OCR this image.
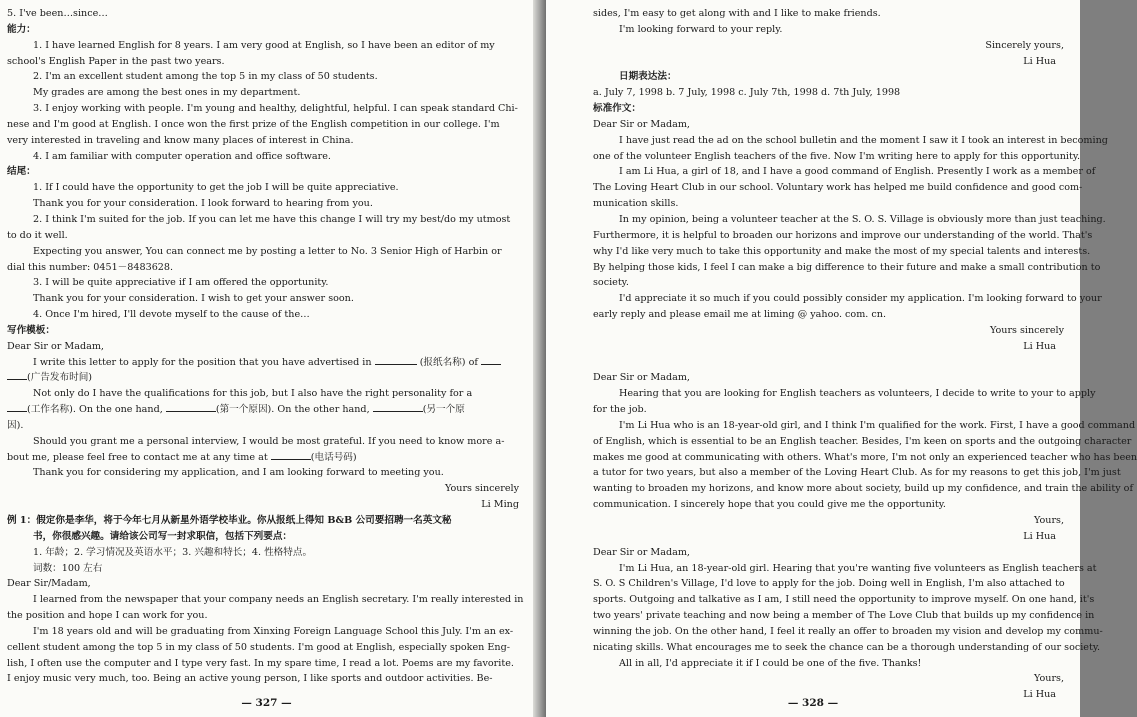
5. I've been…since…
能力：
1. I have learned English for 8 years. I am very good at English, so I have been an editor of my
school's English Paper in the past two years.
2. I'm an excellent student among the top 5 in my class of 50 students.
My grades are among the best ones in my department.
3. I enjoy working with people. I'm young and healthy, delightful, helpful. I can speak standard Chi-
nese and I'm good at English. I once won the first prize of the English competition in our college. I'm
very interested in traveling and know many places of interest in China.
4. I am familiar with computer operation and office software.
结尾：
1. If I could have the opportunity to get the job I will be quite appreciative.
Thank you for your consideration. I look forward to hearing from you.
2. I think I'm suited for the job. If you can let me have this change I will try my best/do my utmost
to do it well.
Expecting you answer, You can connect me by posting a letter to No. 3 Senior High of Harbin or
dial this number: 0451－8483628.
3. I will be quite appreciative if I am offered the opportunity.
Thank you for your consideration. I wish to get your answer soon.
4. Once I'm hired, I'll devote myself to the cause of the…
写作模板：
Dear Sir or Madam,
I write this letter to apply for the position that you have advertised in	(报纸名称) of
(广告发布时间)
Not only do I have the qualifications for this job, but I also have the right personality for a
(工作名称). On the one hand,	(第一个原因). On the other hand,	(另一个原
因).
Should you grant me a personal interview, I would be most grateful. If you need to know more a-
bout me, please feel free to contact me at any time at	(电话号码)
Thank you for considering my application, and I am looking forward to meeting you.
Yours sincerely
Li Ming
例 1：假定你是李华，将于今年七月从新星外语学校毕业。你从报纸上得知 B&B 公司要招聘一名英文秘
书，你很感兴趣。请给该公司写一封求职信，包括下列要点：
1. 年龄；2. 学习情况及英语水平；3. 兴趣和特长；4. 性格特点。
词数：100 左右
Dear Sir/Madam,
I learned from the newspaper that your company needs an English secretary. I'm really interested in
the position and hope I can work for you.
I'm 18 years old and will be graduating from Xinxing Foreign Language School this July. I'm an ex-
cellent student among the top 5 in my class of 50 students. I'm good at English, especially spoken Eng-
lish, I often use the computer and I type very fast. In my spare time, I read a lot. Poems are my favorite.
I enjoy music very much, too. Being an active young person, I like sports and outdoor activities. Be-
— 327 —
sides, I'm easy to get along with and I like to make friends.
I'm looking forward to your reply.
Sincerely yours,
Li Hua
日期表达法：
a. July 7, 1998 b. 7 July, 1998 c. July 7th, 1998 d. 7th July, 1998
标准作文：
Dear Sir or Madam,
I have just read the ad on the school bulletin and the moment I saw it I took an interest in becoming
one of the volunteer English teachers of the five. Now I'm writing here to apply for this opportunity.
I am Li Hua, a girl of 18, and I have a good command of English. Presently I work as a member of
The Loving Heart Club in our school. Voluntary work has helped me build confidence and good com-
munication skills.
In my opinion, being a volunteer teacher at the S. O. S. Village is obviously more than just teaching.
Furthermore, it is helpful to broaden our horizons and improve our understanding of the world. That's
why I'd like very much to take this opportunity and make the most of my special talents and interests.
By helping those kids, I feel I can make a big difference to their future and make a small contribution to
society.
I'd appreciate it so much if you could possibly consider my application. I'm looking forward to your
early reply and please email me at liming @ yahoo. com. cn.
Yours sincerely
Li Hua
Dear Sir or Madam,
Hearing that you are looking for English teachers as volunteers, I decide to write to your to apply
for the job.
I'm Li Hua who is an 18-year-old girl, and I think I'm qualified for the work. First, I have a good command
of English, which is essential to be an English teacher. Besides, I'm keen on sports and the outgoing character
makes me good at communicating with others. What's more, I'm not only an experienced teacher who has been
a tutor for two years, but also a member of the Loving Heart Club. As for my reasons to get this job, I'm just
wanting to broaden my horizons, and know more about society, build up my confidence, and train the ability of
communication. I sincerely hope that you could give me the opportunity.
Yours,
Li Hua
Dear Sir or Madam,
I'm Li Hua, an 18-year-old girl. Hearing that you're wanting five volunteers as English teachers at
S. O. S Children's Village, I'd love to apply for the job. Doing well in English, I'm also attached to
sports. Outgoing and talkative as I am, I still need the opportunity to improve myself. On one hand, it's
two years' private teaching and now being a member of The Love Club that builds up my confidence in
winning the job. On the other hand, I feel it really an offer to broaden my vision and develop my commu-
nicating skills. What encourages me to seek the chance can be a thorough understanding of our society.
All in all, I'd appreciate it if I could be one of the five. Thanks!
Yours,
Li Hua
— 328 —
